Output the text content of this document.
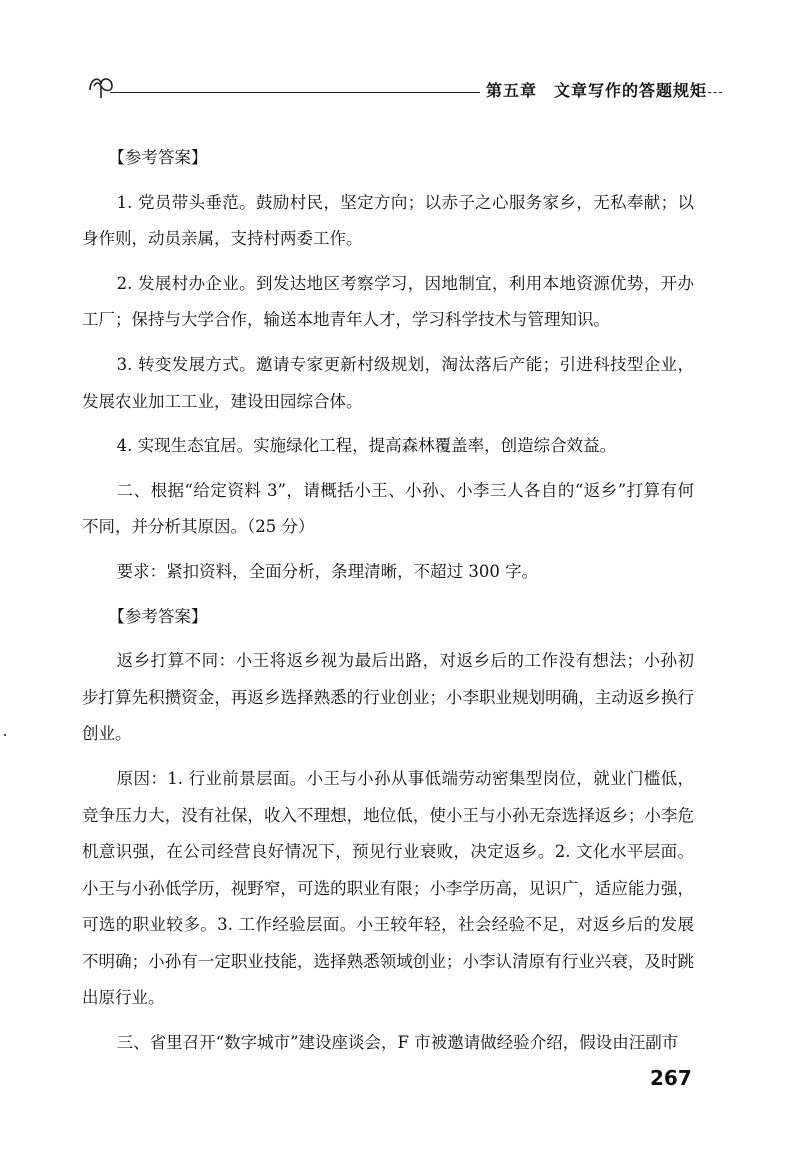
第五章　文章写作的答题规矩

【参考答案】

1. 党员带头垂范。鼓励村民，坚定方向；以赤子之心服务家乡，无私奉献；以身作则，动员亲属，支持村两委工作。

2. 发展村办企业。到发达地区考察学习，因地制宜，利用本地资源优势，开办工厂；保持与大学合作，输送本地青年人才，学习科学技术与管理知识。

3. 转变发展方式。邀请专家更新村级规划，淘汰落后产能；引进科技型企业，发展农业加工工业，建设田园综合体。

4. 实现生态宜居。实施绿化工程，提高森林覆盖率，创造综合效益。

二、根据“给定资料 3”，请概括小王、小孙、小李三人各自的“返乡”打算有何不同，并分析其原因。（25 分）

要求：紧扣资料，全面分析，条理清晰，不超过 300 字。

【参考答案】

返乡打算不同：小王将返乡视为最后出路，对返乡后的工作没有想法；小孙初步打算先积攒资金，再返乡选择熟悉的行业创业；小李职业规划明确，主动返乡换行创业。

原因：1. 行业前景层面。小王与小孙从事低端劳动密集型岗位，就业门槛低，竞争压力大，没有社保，收入不理想，地位低，使小王与小孙无奈选择返乡；小李危机意识强，在公司经营良好情况下，预见行业衰败，决定返乡。2. 文化水平层面。小王与小孙低学历，视野窄，可选的职业有限；小李学历高，见识广，适应能力强，可选的职业较多。3. 工作经验层面。小王较年轻，社会经验不足，对返乡后的发展不明确；小孙有一定职业技能，选择熟悉领域创业；小李认清原有行业兴衰，及时跳出原行业。

三、省里召开“数字城市”建设座谈会，F 市被邀请做经验介绍，假设由汪副市

267
